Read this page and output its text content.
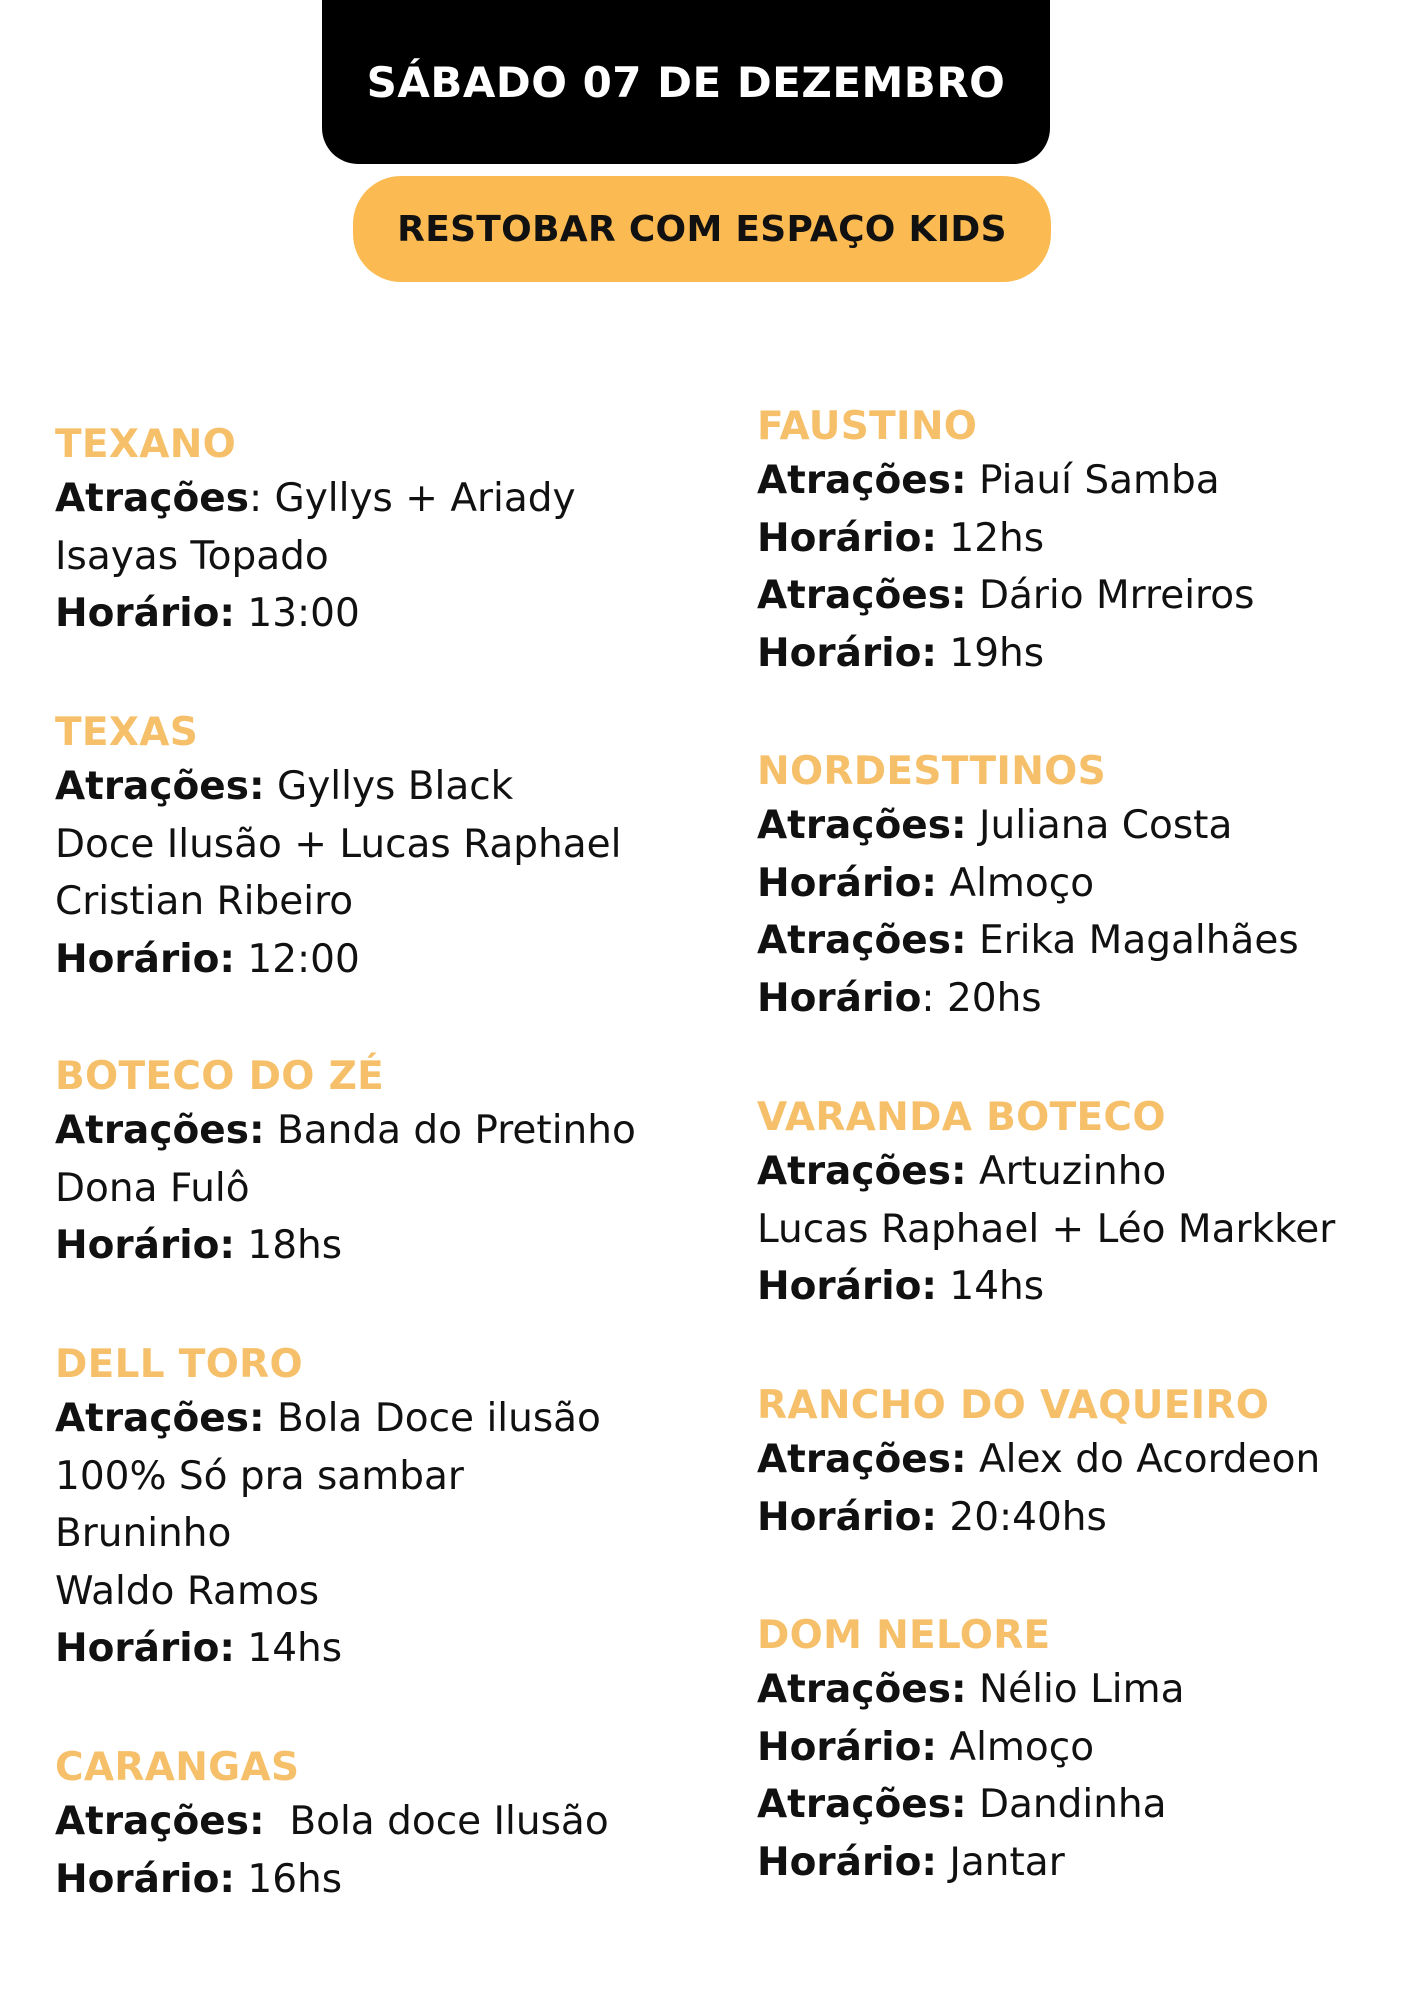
SÁBADO 07 DE DEZEMBRO
RESTOBAR COM ESPAÇO KIDS
TEXANO
Atrações: Gyllys + Ariady
Isayas Topado
Horário: 13:00
TEXAS
Atrações: Gyllys Black
Doce Ilusão + Lucas Raphael
Cristian Ribeiro
Horário: 12:00
BOTECO DO ZÉ
Atrações: Banda do Pretinho
Dona Fulô
Horário: 18hs
DELL TORO
Atrações: Bola Doce ilusão
100% Só pra sambar
Bruninho
Waldo Ramos
Horário: 14hs
CARANGAS
Atrações: Bola doce Ilusão
Horário: 16hs
FAUSTINO
Atrações: Piauí Samba
Horário: 12hs
Atrações: Dário Mrreiros
Horário: 19hs
NORDESTTINOS
Atrações: Juliana Costa
Horário: Almoço
Atrações: Erika Magalhães
Horário: 20hs
VARANDA BOTECO
Atrações: Artuzinho
Lucas Raphael + Léo Markker
Horário: 14hs
RANCHO DO VAQUEIRO
Atrações: Alex do Acordeon
Horário: 20:40hs
DOM NELORE
Atrações: Nélio Lima
Horário: Almoço
Atrações: Dandinha
Horário: Jantar
